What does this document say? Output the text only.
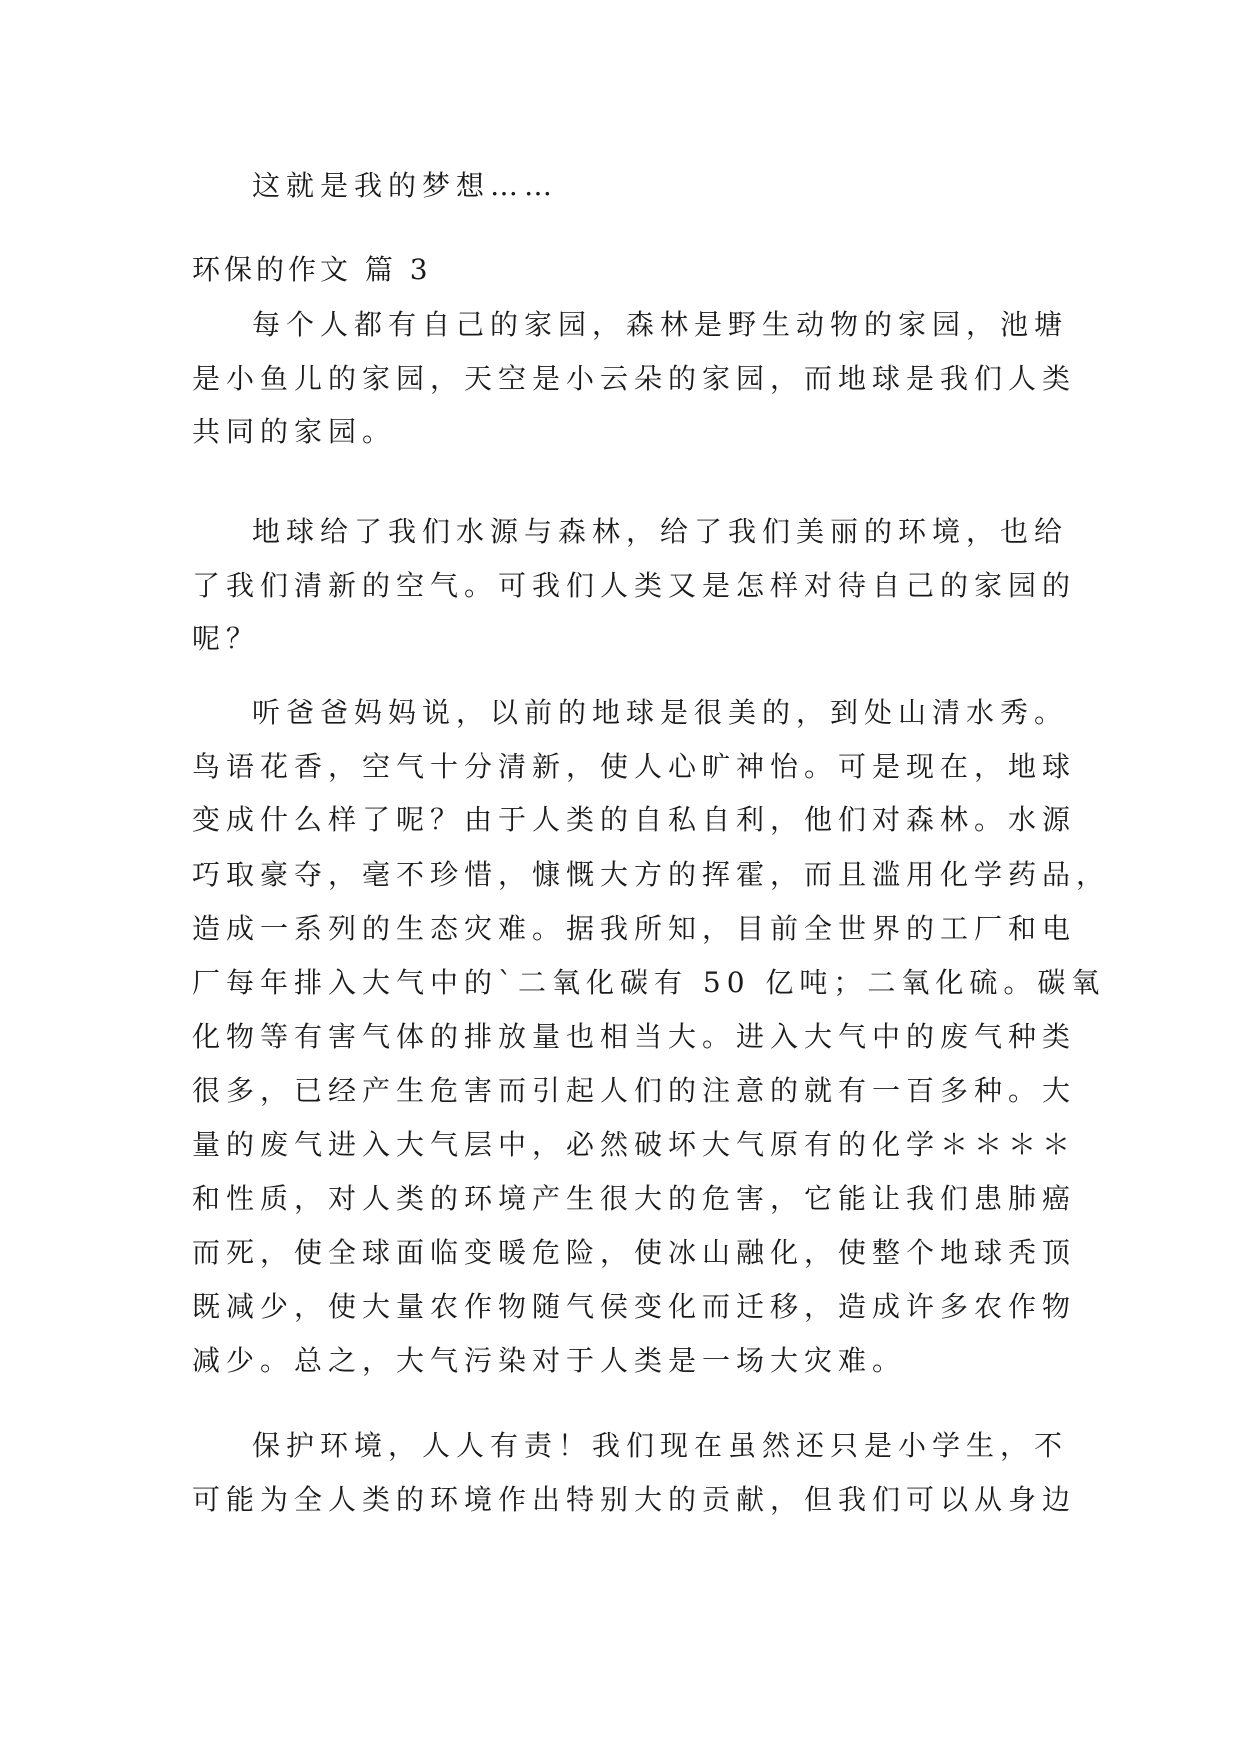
这就是我的梦想……
环保的作文 篇 3
每个人都有自己的家园，森林是野生动物的家园，池塘
是小鱼儿的家园，天空是小云朵的家园，而地球是我们人类
共同的家园。
地球给了我们水源与森林，给了我们美丽的环境，也给
了我们清新的空气。可我们人类又是怎样对待自己的家园的
呢？
听爸爸妈妈说，以前的地球是很美的，到处山清水秀。
鸟语花香，空气十分清新，使人心旷神怡。可是现在，地球
变成什么样了呢？由于人类的自私自利，他们对森林。水源
巧取豪夺，毫不珍惜，慷慨大方的挥霍，而且滥用化学药品，
造成一系列的生态灾难。据我所知，目前全世界的工厂和电
厂每年排入大气中的`二氧化碳有 50 亿吨；二氧化硫。碳氧
化物等有害气体的排放量也相当大。进入大气中的废气种类
很多，已经产生危害而引起人们的注意的就有一百多种。大
量的废气进入大气层中，必然破坏大气原有的化学＊＊＊＊
和性质，对人类的环境产生很大的危害，它能让我们患肺癌
而死，使全球面临变暖危险，使冰山融化，使整个地球秃顶
既减少，使大量农作物随气侯变化而迁移，造成许多农作物
减少。总之，大气污染对于人类是一场大灾难。
保护环境，人人有责！我们现在虽然还只是小学生，不
可能为全人类的环境作出特别大的贡献，但我们可以从身边
